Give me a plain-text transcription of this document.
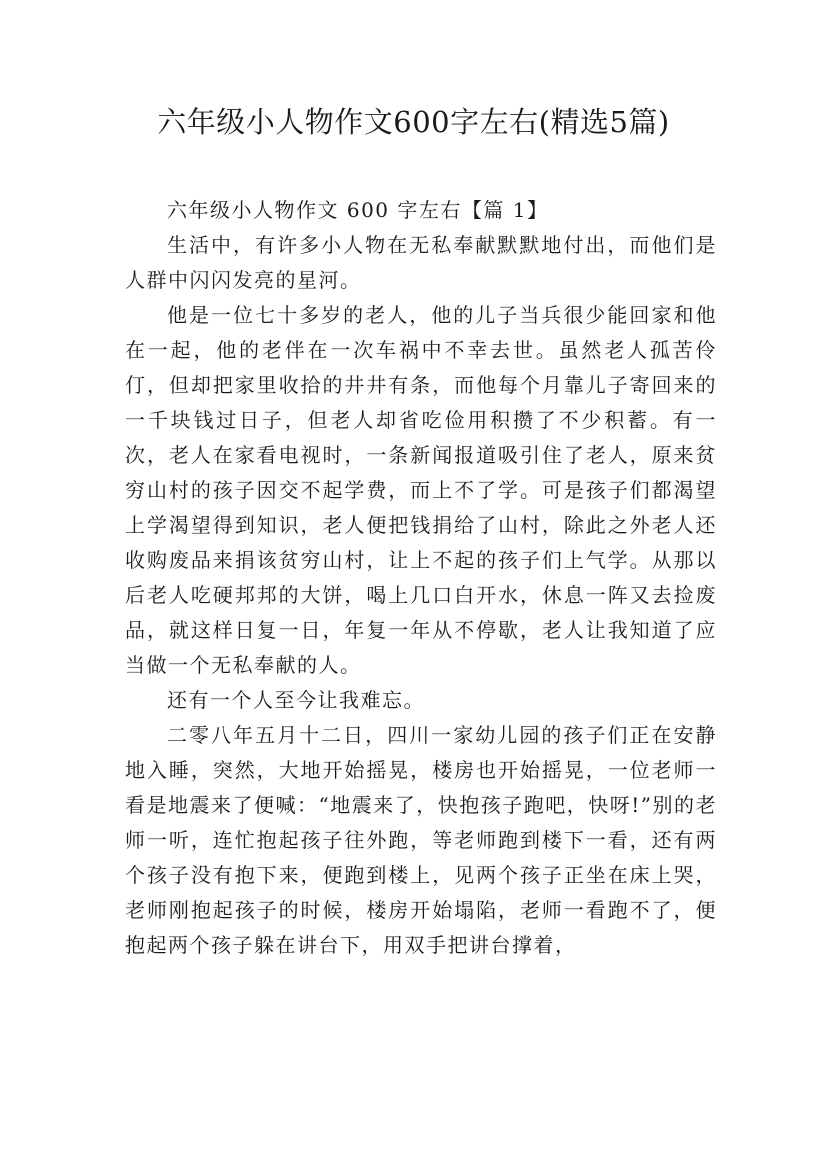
六年级小人物作文600字左右(精选5篇)

六年级小人物作文 600 字左右【篇 1】

生活中，有许多小人物在无私奉献默默地付出，而他们是人群中闪闪发亮的星河。

他是一位七十多岁的老人，他的儿子当兵很少能回家和他在一起，他的老伴在一次车祸中不幸去世。虽然老人孤苦伶仃，但却把家里收拾的井井有条，而他每个月靠儿子寄回来的一千块钱过日子，但老人却省吃俭用积攒了不少积蓄。有一次，老人在家看电视时，一条新闻报道吸引住了老人，原来贫穷山村的孩子因交不起学费，而上不了学。可是孩子们都渴望上学渴望得到知识，老人便把钱捐给了山村，除此之外老人还收购废品来捐该贫穷山村，让上不起的孩子们上气学。从那以后老人吃硬邦邦的大饼，喝上几口白开水，休息一阵又去捡废品，就这样日复一日，年复一年从不停歇，老人让我知道了应当做一个无私奉献的人。

还有一个人至今让我难忘。

二零八年五月十二日，四川一家幼儿园的孩子们正在安静地入睡，突然，大地开始摇晃，楼房也开始摇晃，一位老师一看是地震来了便喊：“地震来了，快抱孩子跑吧，快呀!”别的老师一听，连忙抱起孩子往外跑，等老师跑到楼下一看，还有两个孩子没有抱下来，便跑到楼上，见两个孩子正坐在床上哭，老师刚抱起孩子的时候，楼房开始塌陷，老师一看跑不了，便抱起两个孩子躲在讲台下，用双手把讲台撑着，
